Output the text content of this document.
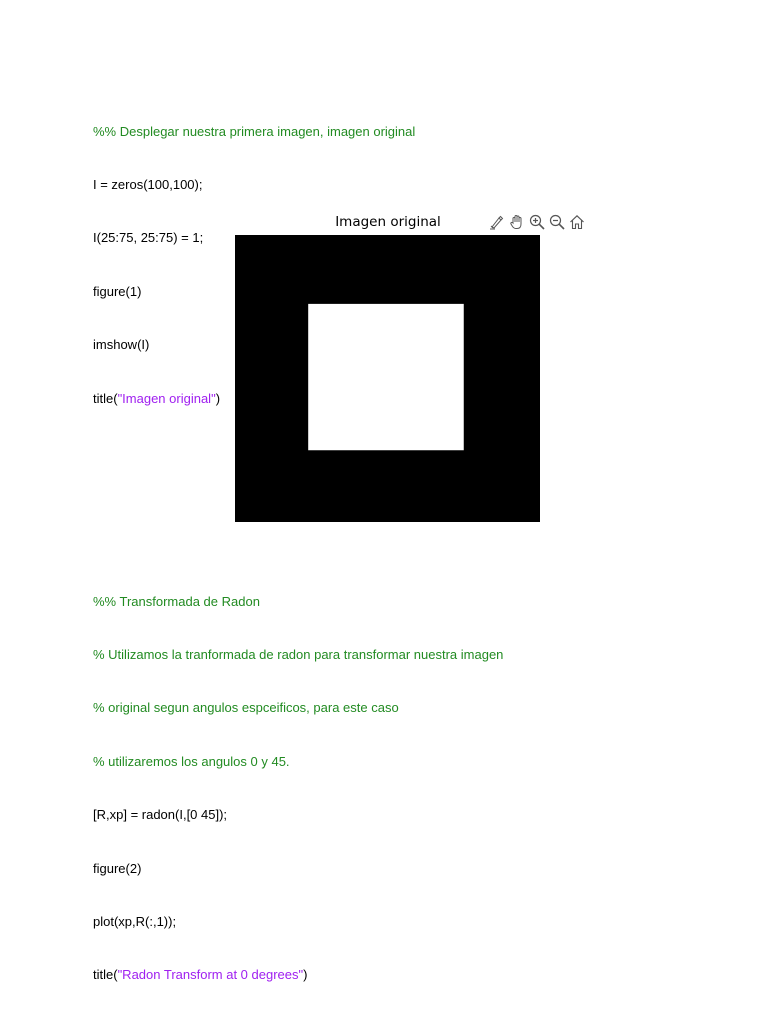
%% Desplegar nuestra primera imagen, imagen original

I = zeros(100,100);

I(25:75, 25:75) = 1;

figure(1)

imshow(I)

title("Imagen original")

Imagen original

%% Transformada de Radon

% Utilizamos la tranformada de radon para transformar nuestra imagen

% original segun angulos espceificos, para este caso

% utilizaremos los angulos 0 y 45.

[R,xp] = radon(I,[0 45]);

figure(2)

plot(xp,R(:,1));

title("Radon Transform at 0 degrees")
